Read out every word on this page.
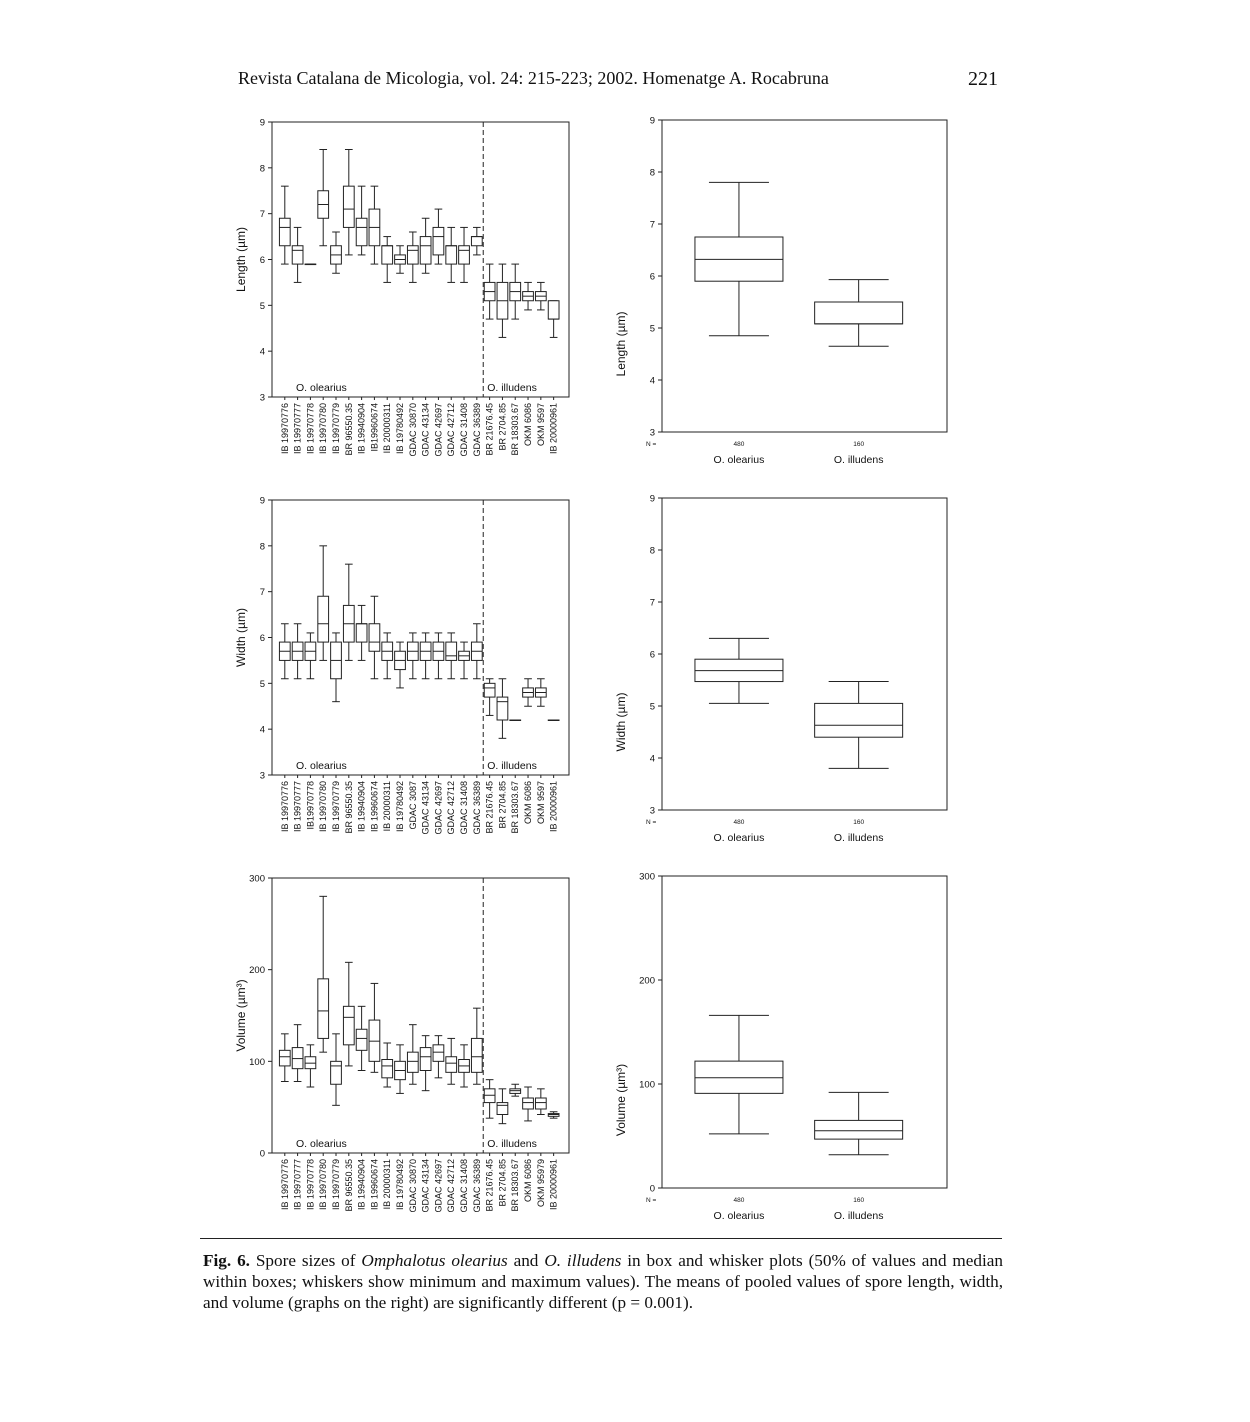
Revista Catalana de Micologia, vol. 24: 215-223; 2002. Homenatge A. Rocabruna	221
3
4
5
6
7
8
9
Length (µm)
O. olearius	O. illudens
IB 19970776 IB 19970777 IB 19970778 IB 19970780 IB 19970779 BR 96550.35 IB 19940904 IB19960674 IB 20000311 IB 19780492 GDAC 30870 GDAC 43134 GDAC 42697 GDAC 42712 GDAC 31408 GDAC 36389 BR 21676.45 BR 2704.85 BR 18303.67 OKM 6086 OKM 9597 IB 20000961	3
4
5
6
7
8
9
Length (µm)
N =	480
O. olearius
160
O. illudens
3
4
5
6
7
8
9
Width (µm)
O. olearius	O. illudens
IB 19970776 IB 19970777 IB19970778 IB 19970780 IB 19970779 BR 96550.35 IB 19940904 IB 19960674 IB 20000311 IB 19780492 GDAC 3087 GDAC 43134 GDAC 42697 GDAC 42712 GDAC 31408 GDAC 36389 BR 21676.45 BR 2704.85 BR 18303.67 OKM 6086 OKM 9597 IB 20000961	3
4
5
6
7
8
9
Width (µm)
N =	480
O. olearius
160
O. illudens
0
100
200
300
Volume (µm³)
O. olearius	O. illudens
IB 19970776 IB 19970777 IB 19970778 IB 19970780 IB 19970779 BR 96550.35 IB 19940904 IB 19960674 IB 20000311 IB 19780492 GDAC 30870 GDAC 43134 GDAC 42697 GDAC 42712 GDAC 31408 GDAC 36389 BR 21676.45 BR 2704.85 BR 18303.67 OKM 6086 OKM 95979 IB 20000961	0
100
200
300
Volume (µm³)
N =	480
O. olearius
160
O. illudens
Fig. 6. Spore sizes of Omphalotus olearius and O. illudens in box and whisker plots (50% of values and median within boxes; whiskers show minimum and maximum values). The means of pooled values of spore length, width, and volume (graphs on the right) are significantly different (p = 0.001).
